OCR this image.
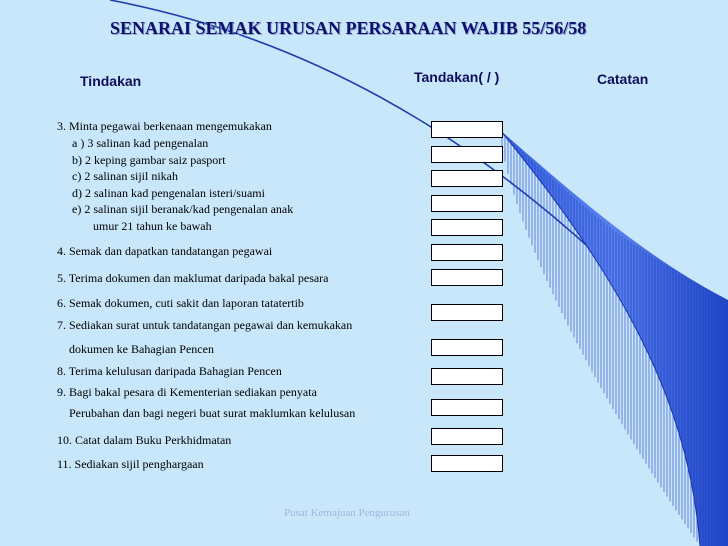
SENARAI SEMAK URUSAN PERSARAAN WAJIB 55/56/58
Tindakan	Tandakan( / )	Catatan
3. Minta pegawai berkenaan mengemukakan
a ) 3 salinan kad pengenalan
b) 2 keping gambar saiz pasport
c) 2 salinan sijil nikah
d) 2 salinan kad pengenalan isteri/suami
e) 2 salinan sijil beranak/kad pengenalan anak
umur 21 tahun ke bawah
4. Semak dan dapatkan tandatangan pegawai
5. Terima dokumen dan maklumat daripada bakal pesara
6. Semak dokumen, cuti sakit dan laporan tatatertib
7. Sediakan surat untuk tandatangan pegawai dan kemukakan
dokumen ke Bahagian Pencen
8. Terima kelulusan daripada Bahagian Pencen
9. Bagi bakal pesara di Kementerian sediakan penyata
Perubahan dan bagi negeri buat surat maklumkan kelulusan
10. Catat dalam Buku Perkhidmatan
11. Sediakan sijil penghargaan
Pusat Kemajuan Pengurusan
